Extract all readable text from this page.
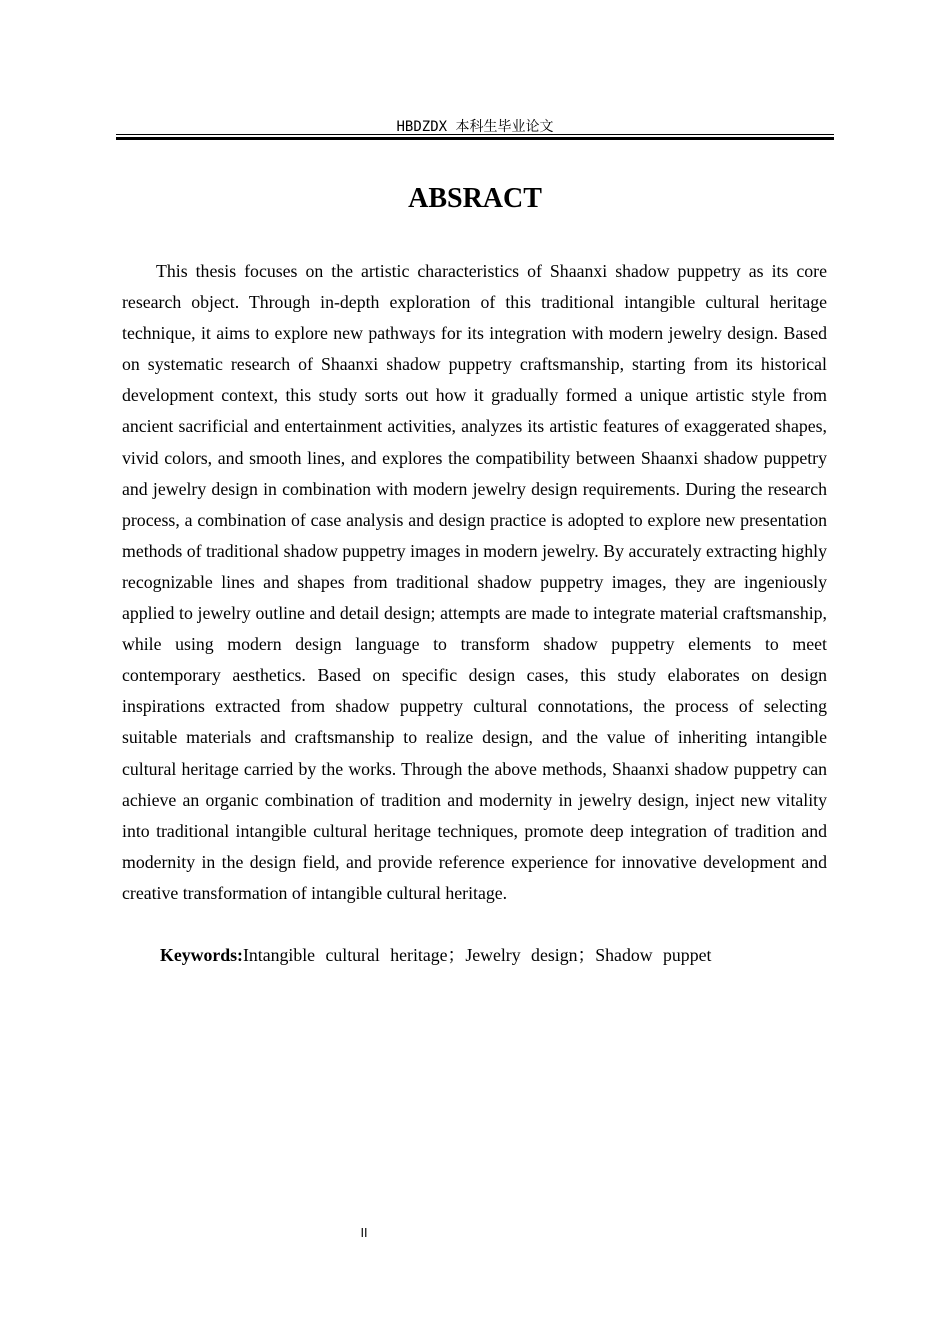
HBDZDX 本科生毕业论文
ABSRACT

This thesis focuses on the artistic characteristics of Shaanxi shadow puppetry as its core research object. Through in-depth exploration of this traditional intangible cultural heritage technique, it aims to explore new pathways for its integration with modern jewelry design. Based on systematic research of Shaanxi shadow puppetry craftsmanship, starting from its historical development context, this study sorts out how it gradually formed a unique artistic style from ancient sacrificial and entertainment activities, analyzes its artistic features of exaggerated shapes, vivid colors, and smooth lines, and explores the compatibility between Shaanxi shadow puppetry and jewelry design in combination with modern jewelry design requirements. During the research process, a combination of case analysis and design practice is adopted to explore new presentation methods of traditional shadow puppetry images in modern jewelry. By accurately extracting highly recognizable lines and shapes from traditional shadow puppetry images, they are ingeniously applied to jewelry outline and detail design; attempts are made to integrate material craftsmanship, while using modern design language to transform shadow puppetry elements to meet contemporary aesthetics. Based on specific design cases, this study elaborates on design inspirations extracted from shadow puppetry cultural connotations, the process of selecting suitable materials and craftsmanship to realize design, and the value of inheriting intangible cultural heritage carried by the works. Through the above methods, Shaanxi shadow puppetry can achieve an organic combination of tradition and modernity in jewelry design, inject new vitality into traditional intangible cultural heritage techniques, promote deep integration of tradition and modernity in the design field, and provide reference experience for innovative development and creative transformation of intangible cultural heritage.

Keywords:Intangible cultural heritage；Jewelry design；Shadow puppet

II
